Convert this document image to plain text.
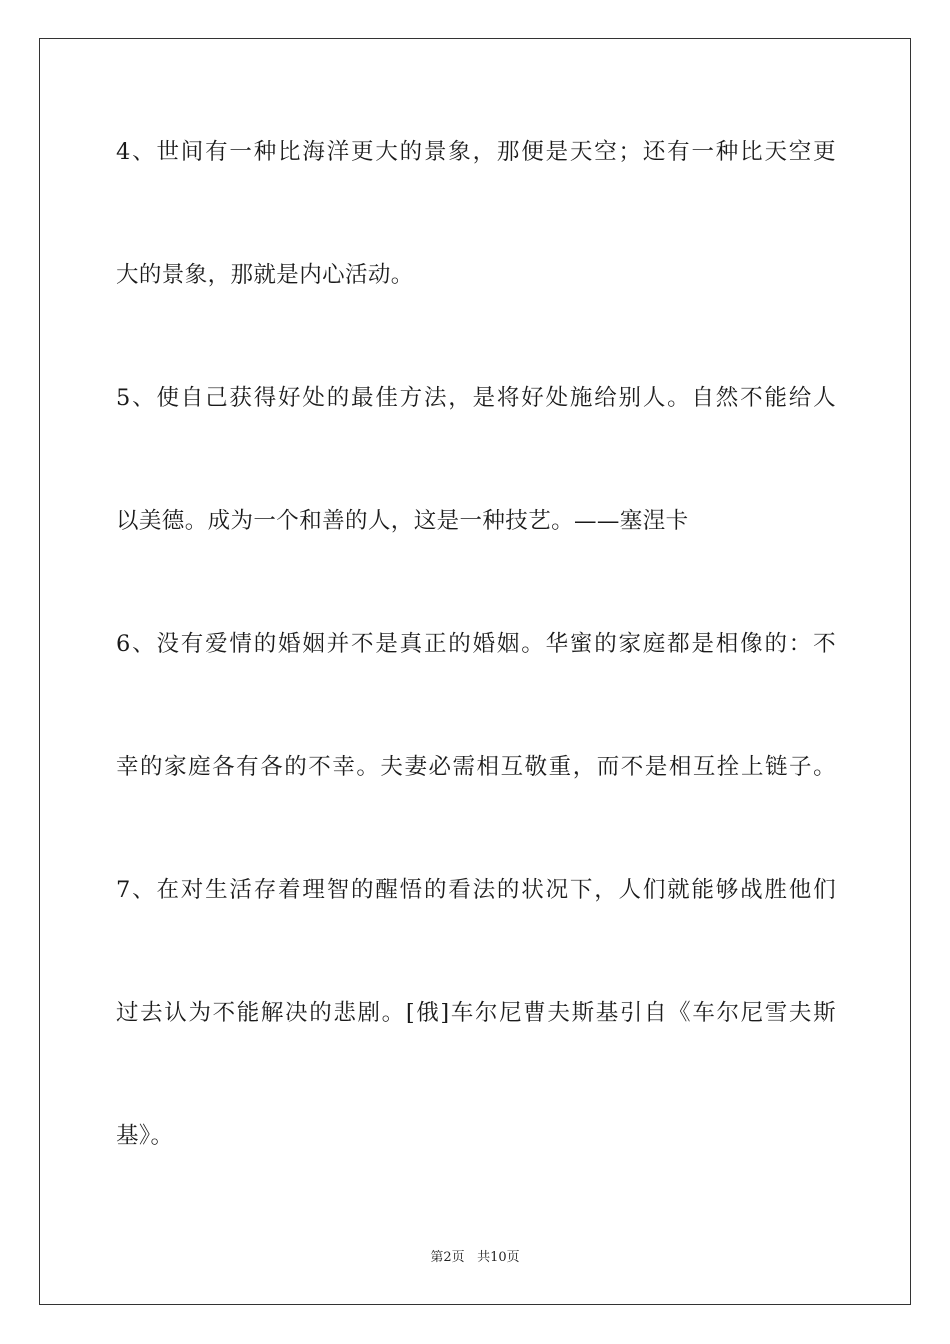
4、世间有一种比海洋更大的景象，那便是天空；还有一种比天空更
大的景象，那就是内心活动。
5、使自己获得好处的最佳方法，是将好处施给别人。自然不能给人
以美德。成为一个和善的人，这是一种技艺。——塞涅卡
6、没有爱情的婚姻并不是真正的婚姻。华蜜的家庭都是相像的：不
幸的家庭各有各的不幸。夫妻必需相互敬重，而不是相互拴上链子。
7、在对生活存着理智的醒悟的看法的状况下，人们就能够战胜他们
过去认为不能解决的悲剧。[俄]车尔尼曹夫斯基引自《车尔尼雪夫斯
基》。
第2页 共10页
